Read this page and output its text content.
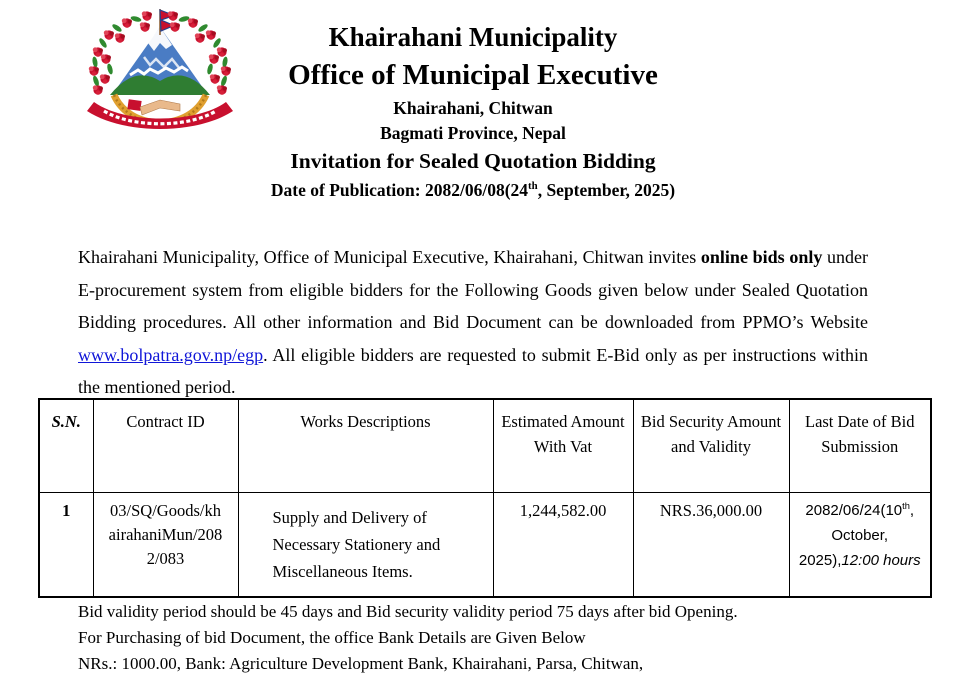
Khairahani Municipality
Office of Municipal Executive
Khairahani, Chitwan
Bagmati Province, Nepal
Invitation for Sealed Quotation Bidding
Date of Publication: 2082/06/08(24th, September, 2025)

Khairahani Municipality, Office of Municipal Executive, Khairahani, Chitwan invites online bids only under E-procurement system from eligible bidders for the Following Goods given below under Sealed Quotation Bidding procedures. All other information and Bid Document can be downloaded from PPMO’s Website www.bolpatra.gov.np/egp. All eligible bidders are requested to submit E-Bid only as per instructions within the mentioned period.

S.N.	Contract ID	Works Descriptions	Estimated Amount With Vat	Bid Security Amount and Validity	Last Date of Bid Submission
1	03/SQ/Goods/khairahaniMun/2082/083	Supply and Delivery of Necessary Stationery and Miscellaneous Items.	1,244,582.00	NRS.36,000.00	2082/06/24(10th, October, 2025),12:00 hours
Bid validity period should be 45 days and Bid security validity period 75 days after bid Opening.
For Purchasing of bid Document, the office Bank Details are Given Below
NRs.: 1000.00, Bank: Agriculture Development Bank, Khairahani, Parsa, Chitwan,
